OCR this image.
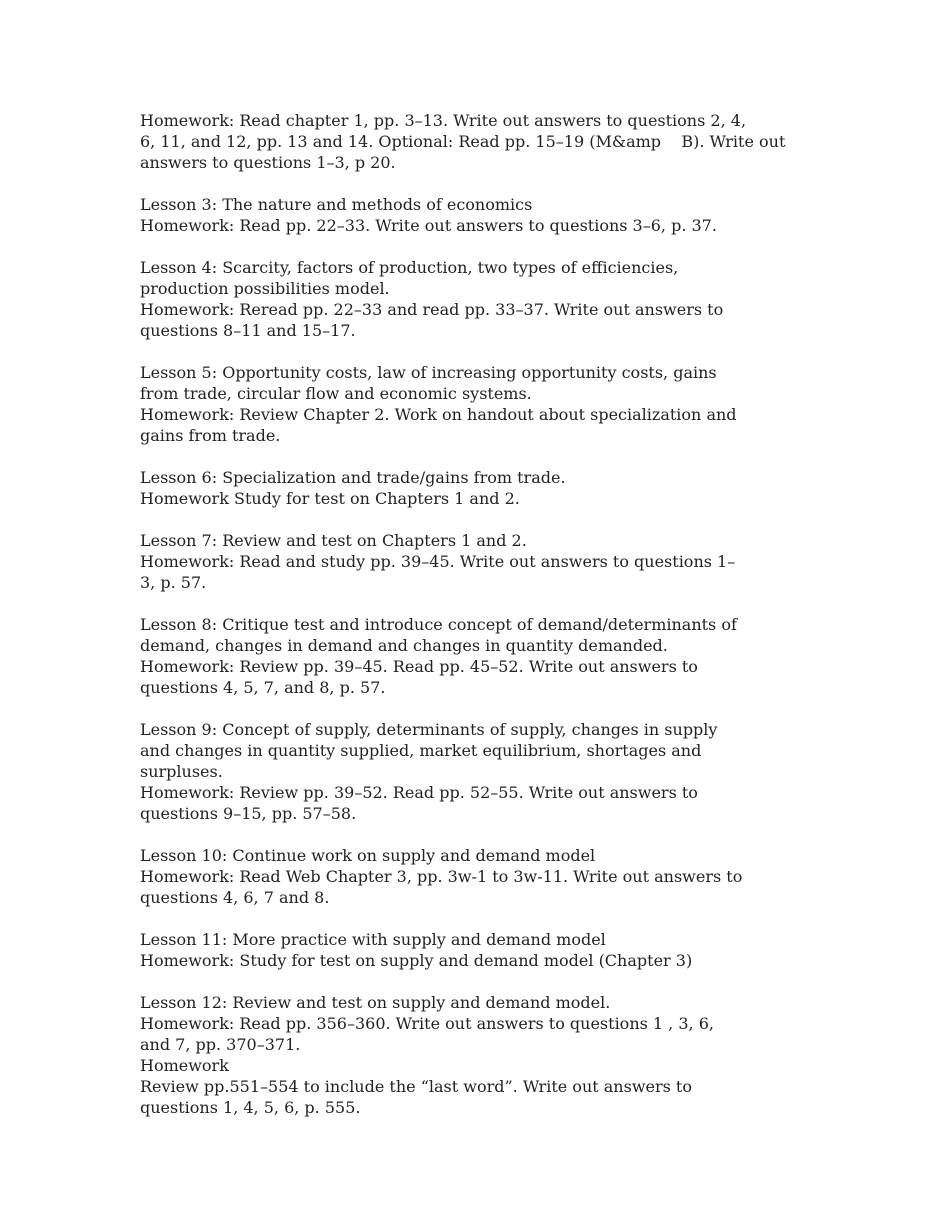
Homework: Read chapter 1, pp. 3–13. Write out answers to questions 2, 4,
6, 11, and 12, pp. 13 and 14. Optional: Read pp. 15–19 (M&amp    B). Write out
answers to questions 1–3, p 20.
Lesson 3: The nature and methods of economics
Homework: Read pp. 22–33. Write out answers to questions 3–6, p. 37.
Lesson 4: Scarcity, factors of production, two types of efficiencies,
production possibilities model.
Homework: Reread pp. 22–33 and read pp. 33–37. Write out answers to
questions 8–11 and 15–17.
Lesson 5: Opportunity costs, law of increasing opportunity costs, gains
from trade, circular flow and economic systems.
Homework: Review Chapter 2. Work on handout about specialization and
gains from trade.
Lesson 6: Specialization and trade/gains from trade.
Homework Study for test on Chapters 1 and 2.
Lesson 7: Review and test on Chapters 1 and 2.
Homework: Read and study pp. 39–45. Write out answers to questions 1–
3, p. 57.
Lesson 8: Critique test and introduce concept of demand/determinants of
demand, changes in demand and changes in quantity demanded.
Homework: Review pp. 39–45. Read pp. 45–52. Write out answers to
questions 4, 5, 7, and 8, p. 57.
Lesson 9: Concept of supply, determinants of supply, changes in supply
and changes in quantity supplied, market equilibrium, shortages and
surpluses.
Homework: Review pp. 39–52. Read pp. 52–55. Write out answers to
questions 9–15, pp. 57–58.
Lesson 10: Continue work on supply and demand model
Homework: Read Web Chapter 3, pp. 3w-1 to 3w-11. Write out answers to
questions 4, 6, 7 and 8.
Lesson 11: More practice with supply and demand model
Homework: Study for test on supply and demand model (Chapter 3)
Lesson 12: Review and test on supply and demand model.
Homework: Read pp. 356–360. Write out answers to questions 1 , 3, 6,
and 7, pp. 370–371.
Homework
Review pp.551–554 to include the “last word”. Write out answers to
questions 1, 4, 5, 6, p. 555.
